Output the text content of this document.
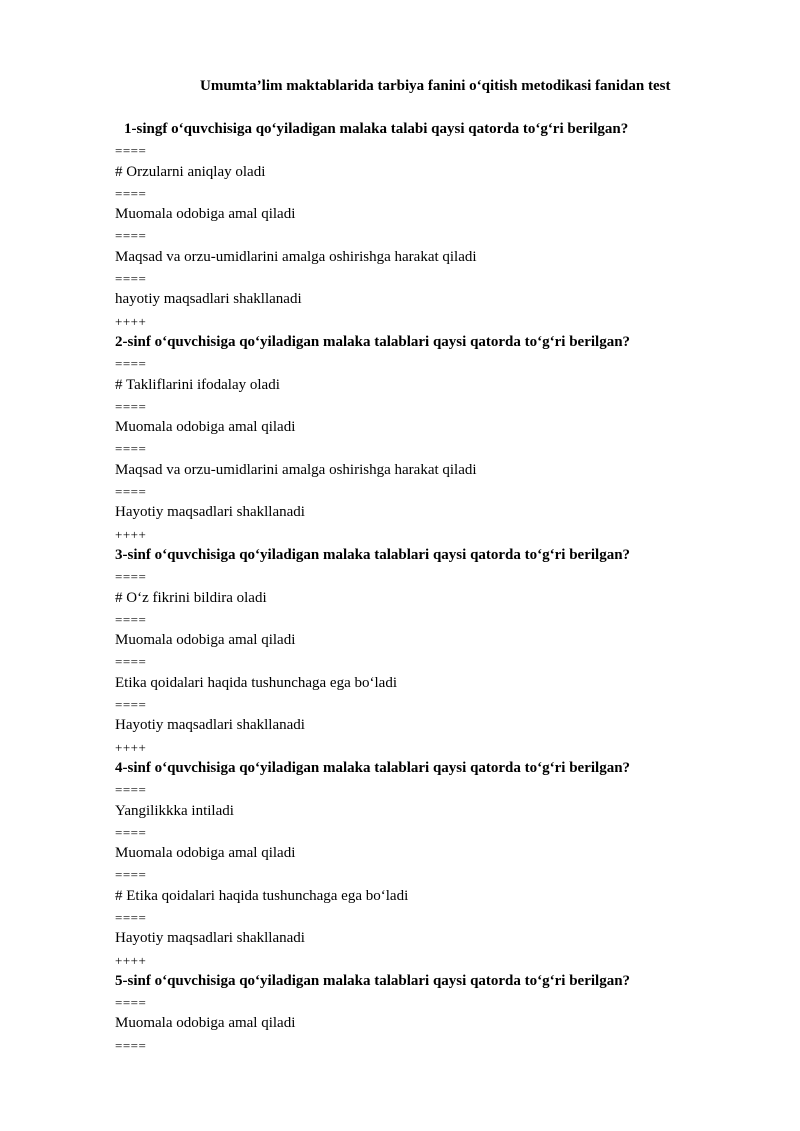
Umumta’lim maktablarida tarbiya fanini o‘qitish metodikasi fanidan test
1-singf o‘quvchisiga qo‘yiladigan malaka talabi qaysi qatorda to‘g‘ri berilgan?
====
# Orzularni aniqlay oladi
====
Muomala odobiga amal qiladi
====
Maqsad va orzu-umidlarini amalga oshirishga harakat qiladi
====
hayotiy maqsadlari shakllanadi
++++
2-sinf o‘quvchisiga qo‘yiladigan malaka talablari qaysi qatorda to‘g‘ri berilgan?
====
# Takliflarini ifodalay oladi
====
Muomala odobiga amal qiladi
====
Maqsad va orzu-umidlarini amalga oshirishga harakat qiladi
====
Hayotiy maqsadlari shakllanadi
++++
3-sinf o‘quvchisiga qo‘yiladigan malaka talablari qaysi qatorda to‘g‘ri berilgan?
====
# O‘z fikrini bildira oladi
====
Muomala odobiga amal qiladi
====
Etika qoidalari haqida tushunchaga ega bo‘ladi
====
Hayotiy maqsadlari shakllanadi
++++
4-sinf o‘quvchisiga qo‘yiladigan malaka talablari qaysi qatorda to‘g‘ri berilgan?
====
Yangilikkka intiladi
====
Muomala odobiga amal qiladi
====
# Etika qoidalari haqida tushunchaga ega bo‘ladi
====
Hayotiy maqsadlari shakllanadi
++++
5-sinf o‘quvchisiga qo‘yiladigan malaka talablari qaysi qatorda to‘g‘ri berilgan?
====
Muomala odobiga amal qiladi
====
